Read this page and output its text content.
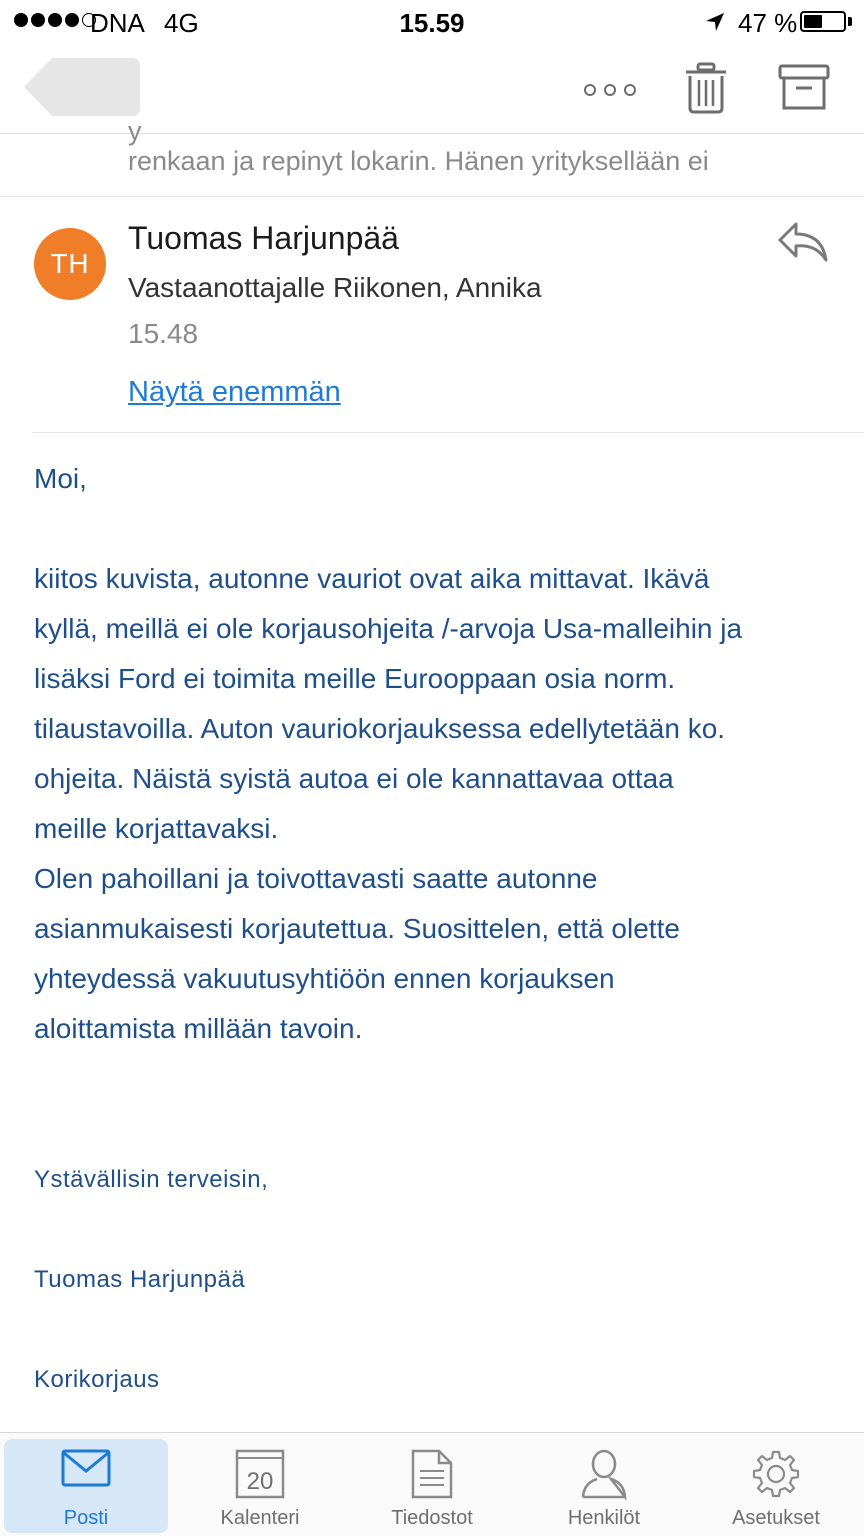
DNA 4G	15.59	47 %
y
renkaan ja repinyt lokarin. Hänen yrityksellään ei
TH
Tuomas Harjunpää
Vastaanottajalle Riikonen, Annika
15.48
Näytä enemmän
Moi,

kiitos kuvista, autonne vauriot ovat aika mittavat. Ikävä

kyllä, meillä ei ole korjausohjeita /-arvoja Usa-malleihin ja

lisäksi Ford ei toimita meille Eurooppaan osia norm.

tilaustavoilla. Auton vauriokorjauksessa edellytetään ko.

ohjeita. Näistä syistä autoa ei ole kannattavaa ottaa

meille korjattavaksi.

Olen pahoillani ja toivottavasti saatte autonne

asianmukaisesti korjautettua. Suosittelen, että olette

yhteydessä vakuutusyhtiöön ennen korjauksen

aloittamista millään tavoin.

Ystävällisin terveisin,
Tuomas Harjunpää
Korikorjaus
Posti
20
Kalenteri	Tiedostot	Henkilöt	Asetukset
